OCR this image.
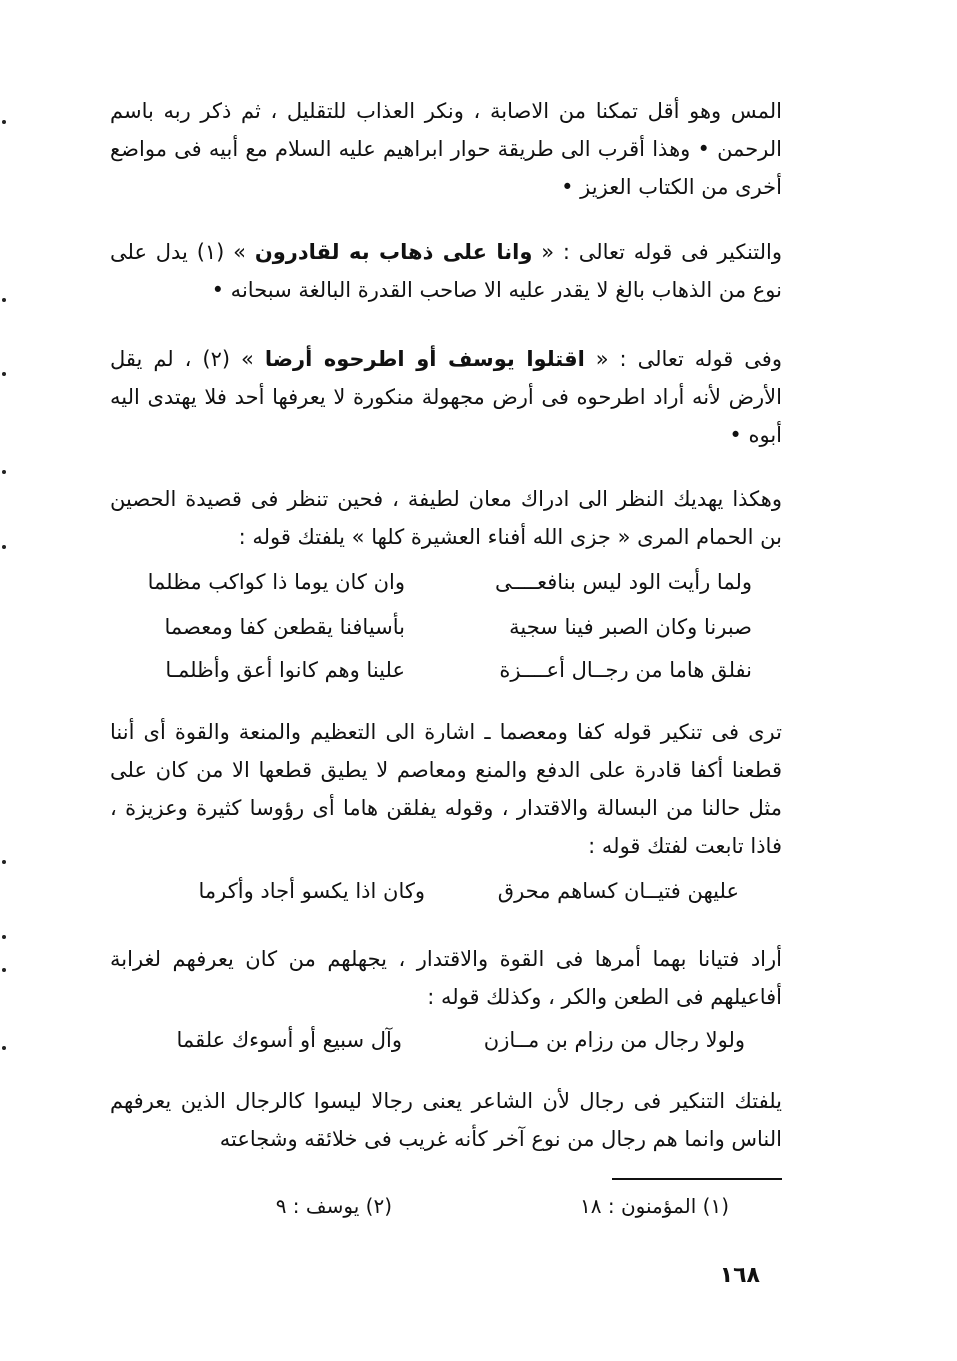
المس وهو أقل تمكنا من الاصابة ، ونكر العذاب للتقليل ، ثم ذكر ربه باسم الرحمن • وهذا أقرب الى طريقة حوار ابراهيم عليه السلام مع أبيه فى مواضع أخرى من الكتاب العزيز •
والتنكير فى قوله تعالى : « وانا على ذهاب به لقادرون » (١) يدل على نوع من الذهاب بالغ لا يقدر عليه الا صاحب القدرة البالغة سبحانه •
وفى قوله تعالى : « اقتلوا يوسف أو اطرحوه أرضا » (٢) ، لم يقل الأرض لأنه أراد اطرحوه فى أرض مجهولة منكورة لا يعرفها أحد فلا يهتدى اليه أبوه •
وهكذا يهديك النظر الى ادراك معان لطيفة ، فحين تنظر فى قصيدة الحصين بن الحمام المرى « جزى الله أفناء العشيرة كلها » يلفتك قوله :
ولما رأيت الود ليس بنافعــــى
وان كان يوما ذا كواكب مظلما
صبرنا وكان الصبر فينا سجية
بأسيافنا يقطعن كفا ومعصما
نفلق هاما من رجــال أعــــزة
علينا وهم كانوا أعق وأظلمـا
ترى فى تنكير قوله كفا ومعصما ـ اشارة الى التعظيم والمنعة والقوة أى أننا قطعنا أكفا قادرة على الدفع والمنع ومعاصم لا يطيق قطعها الا من كان على مثل حالنا من البسالة والاقتدار ، وقوله يفلقن هاما أى رؤوسا كثيرة وعزيزة ، فاذا تابعت لفتك قوله :
عليهن فتيــان كساهم محرق
وكان اذا يكسو أجاد وأكرما
أراد فتيانا بهما أمرها فى القوة والاقتدار ، يجهلهم من كان يعرفهم لغرابة أفاعيلهم فى الطعن والكر ، وكذلك قوله :
ولولا رجال من رزام بن مــازن
وآل سبيع أو أسوءك علقما
يلفتك التنكير فى رجال لأن الشاعر يعنى رجالا ليسوا كالرجال الذين يعرفهم الناس وانما هم رجال من نوع آخر كأنه غريب فى خلائقه وشجاعته
(١) المؤمنون : ١٨
(٢) يوسف : ٩
١٦٨
